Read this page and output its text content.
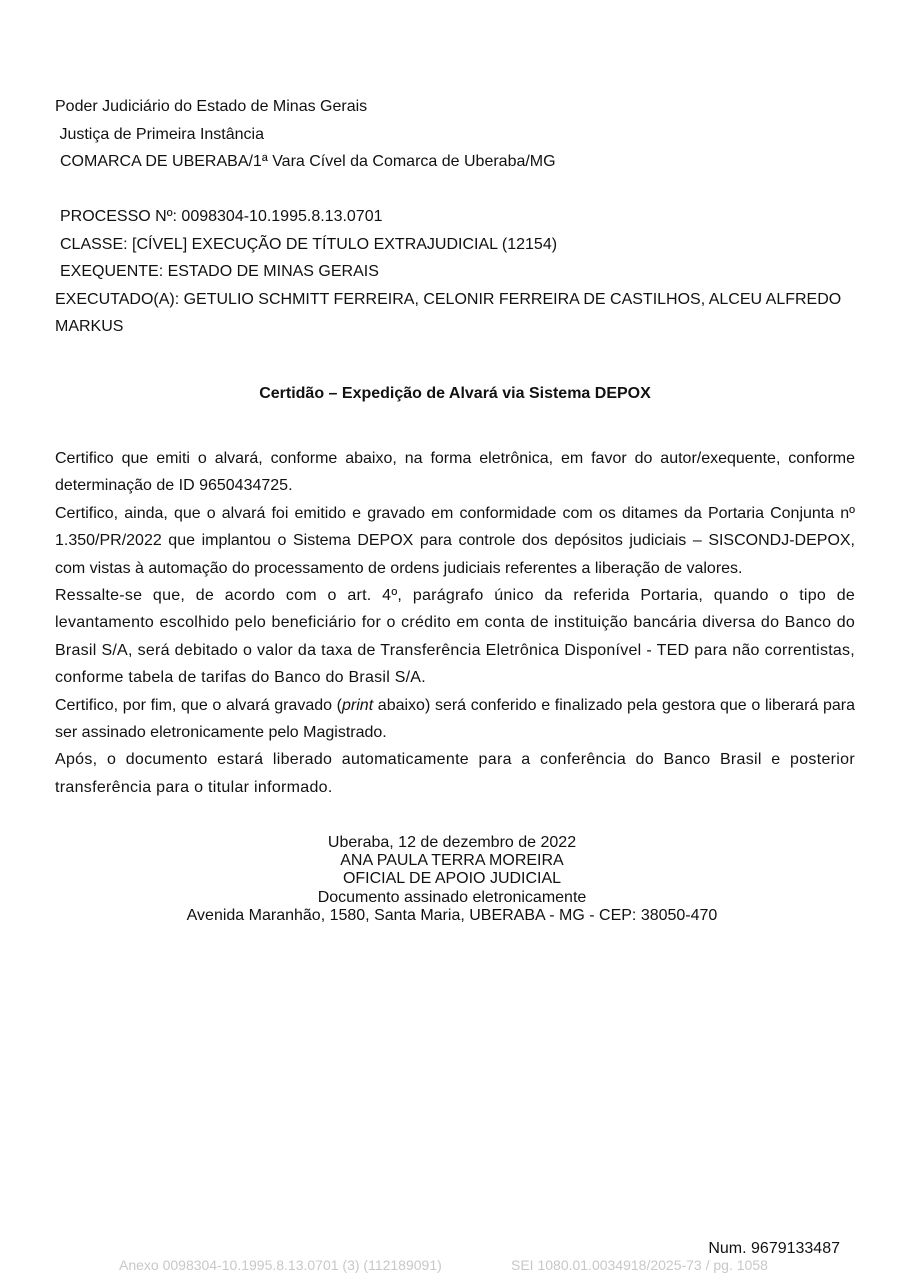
Poder Judiciário do Estado de Minas Gerais
Justiça de Primeira Instância
COMARCA DE UBERABA/1ª Vara Cível da Comarca de Uberaba/MG
PROCESSO Nº: 0098304-10.1995.8.13.0701
CLASSE: [CÍVEL] EXECUÇÃO DE TÍTULO EXTRAJUDICIAL (12154)
EXEQUENTE: ESTADO DE MINAS GERAIS
EXECUTADO(A): GETULIO SCHMITT FERREIRA, CELONIR FERREIRA DE CASTILHOS, ALCEU ALFREDO MARKUS
Certidão – Expedição de Alvará via Sistema DEPOX

Certifico que emiti o alvará, conforme abaixo, na forma eletrônica, em favor do autor/exequente, conforme determinação de ID 9650434725.

Certifico, ainda, que o alvará foi emitido e gravado em conformidade com os ditames da Portaria Conjunta nº 1.350/PR/2022 que implantou o Sistema DEPOX para controle dos depósitos judiciais – SISCONDJ-DEPOX, com vistas à automação do processamento de ordens judiciais referentes a liberação de valores.

Ressalte-se que, de acordo com o art. 4º, parágrafo único da referida Portaria, quando o tipo de levantamento escolhido pelo beneficiário for o crédito em conta de instituição bancária diversa do Banco do Brasil S/A, será debitado o valor da taxa de Transferência Eletrônica Disponível - TED para não correntistas, conforme tabela de tarifas do Banco do Brasil S/A.

Certifico, por fim, que o alvará gravado (print abaixo) será conferido e finalizado pela gestora que o liberará para ser assinado eletronicamente pelo Magistrado.

Após, o documento estará liberado automaticamente para a conferência do Banco Brasil e posterior transferência para o titular informado.

Uberaba, 12 de dezembro de 2022
ANA PAULA TERRA MOREIRA
OFICIAL DE APOIO JUDICIAL
Documento assinado eletronicamente
Avenida Maranhão, 1580, Santa Maria, UBERABA - MG - CEP: 38050-470
Num. 9679133487
Anexo 0098304-10.1995.8.13.0701 (3) (112189091)	SEI 1080.01.0034918/2025-73 / pg. 1058
